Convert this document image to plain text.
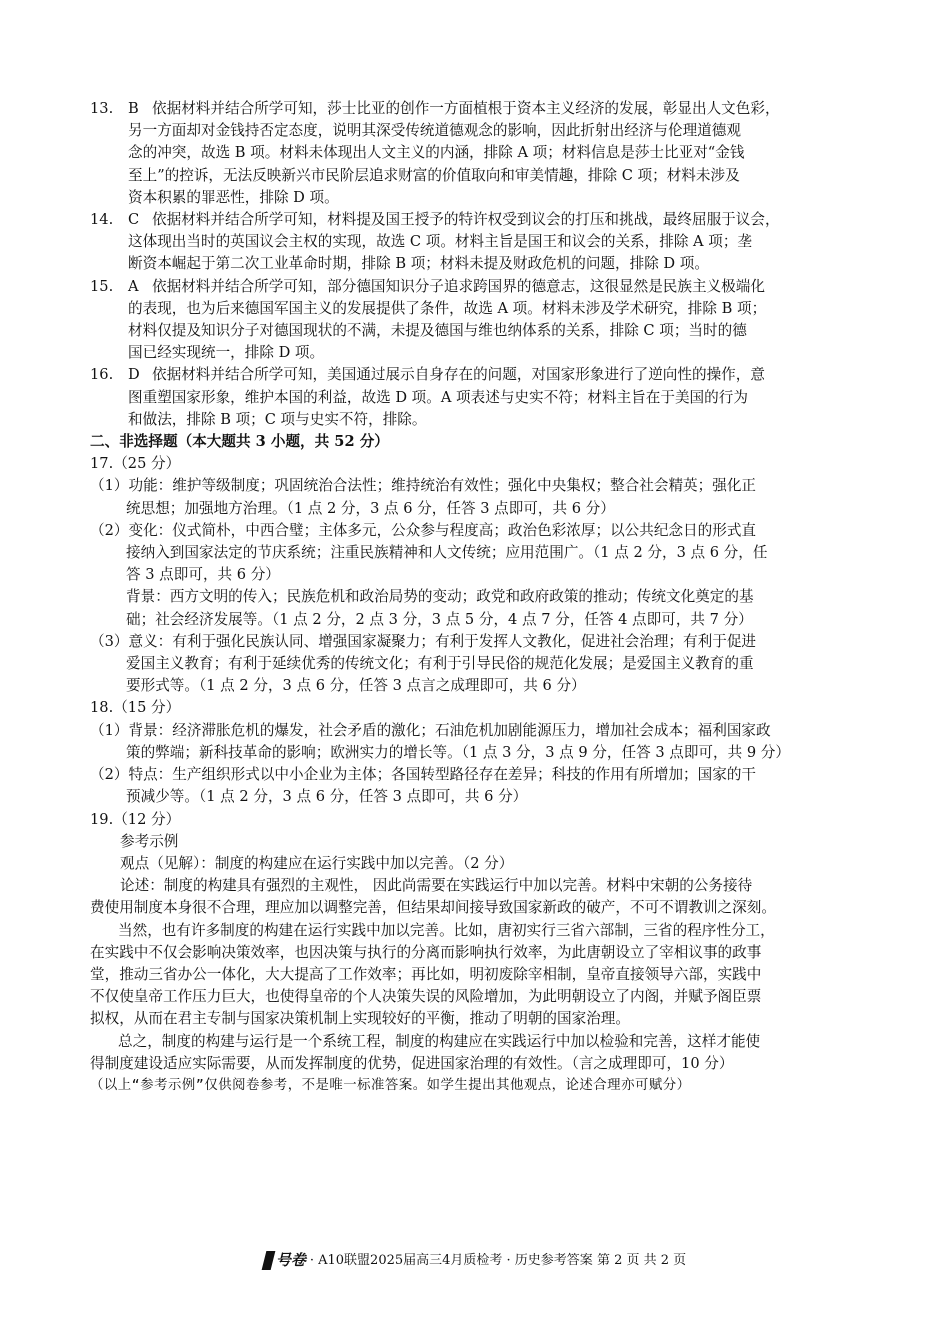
13. B 依据材料并结合所学可知，莎士比亚的创作一方面植根于资本主义经济的发展，彰显出人文色彩，
另一方面却对金钱持否定态度，说明其深受传统道德观念的影响，因此折射出经济与伦理道德观
念的冲突，故选 B 项。材料未体现出人文主义的内涵，排除 A 项；材料信息是莎士比亚对“金钱
至上”的控诉，无法反映新兴市民阶层追求财富的价值取向和审美情趣，排除 C 项；材料未涉及
资本积累的罪恶性，排除 D 项。
14. C 依据材料并结合所学可知，材料提及国王授予的特许权受到议会的打压和挑战，最终屈服于议会，
这体现出当时的英国议会主权的实现，故选 C 项。材料主旨是国王和议会的关系，排除 A 项；垄
断资本崛起于第二次工业革命时期，排除 B 项；材料未提及财政危机的问题，排除 D 项。
15. A 依据材料并结合所学可知，部分德国知识分子追求跨国界的德意志，这很显然是民族主义极端化
的表现，也为后来德国军国主义的发展提供了条件，故选 A 项。材料未涉及学术研究，排除 B 项；
材料仅提及知识分子对德国现状的不满，未提及德国与维也纳体系的关系，排除 C 项；当时的德
国已经实现统一，排除 D 项。
16. D 依据材料并结合所学可知，美国通过展示自身存在的问题，对国家形象进行了逆向性的操作，意
图重塑国家形象，维护本国的利益，故选 D 项。A 项表述与史实不符；材料主旨在于美国的行为
和做法，排除 B 项；C 项与史实不符，排除。
二、非选择题（本大题共 3 小题，共 52 分）
17.（25 分）
（1）功能：维护等级制度；巩固统治合法性；维持统治有效性；强化中央集权；整合社会精英；强化正
统思想；加强地方治理。（1 点 2 分，3 点 6 分，任答 3 点即可，共 6 分）
（2）变化：仪式简朴，中西合璧；主体多元，公众参与程度高；政治色彩浓厚；以公共纪念日的形式直
接纳入到国家法定的节庆系统；注重民族精神和人文传统；应用范围广。（1 点 2 分，3 点 6 分，任
答 3 点即可，共 6 分）
背景：西方文明的传入；民族危机和政治局势的变动；政党和政府政策的推动；传统文化奠定的基
础；社会经济发展等。（1 点 2 分，2 点 3 分，3 点 5 分，4 点 7 分，任答 4 点即可，共 7 分）
（3）意义：有利于强化民族认同、增强国家凝聚力；有利于发挥人文教化，促进社会治理；有利于促进
爱国主义教育；有利于延续优秀的传统文化；有利于引导民俗的规范化发展；是爱国主义教育的重
要形式等。（1 点 2 分，3 点 6 分，任答 3 点言之成理即可，共 6 分）
18.（15 分）
（1）背景：经济滞胀危机的爆发，社会矛盾的激化；石油危机加剧能源压力，增加社会成本；福利国家政
策的弊端；新科技革命的影响；欧洲实力的增长等。（1 点 3 分，3 点 9 分，任答 3 点即可，共 9 分）
（2）特点：生产组织形式以中小企业为主体；各国转型路径存在差异；科技的作用有所增加；国家的干
预减少等。（1 点 2 分，3 点 6 分，任答 3 点即可，共 6 分）
19.（12 分）
参考示例
观点（见解）：制度的构建应在运行实践中加以完善。（2 分）
论述：制度的构建具有强烈的主观性， 因此尚需要在实践运行中加以完善。材料中宋朝的公务接待
费使用制度本身很不合理，理应加以调整完善，但结果却间接导致国家新政的破产，不可不谓教训之深刻。
当然，也有许多制度的构建在运行实践中加以完善。比如，唐初实行三省六部制，三省的程序性分工，
在实践中不仅会影响决策效率，也因决策与执行的分离而影响执行效率，为此唐朝设立了宰相议事的政事
堂，推动三省办公一体化，大大提高了工作效率；再比如，明初废除宰相制，皇帝直接领导六部，实践中
不仅使皇帝工作压力巨大，也使得皇帝的个人决策失误的风险增加，为此明朝设立了内阁，并赋予阁臣票
拟权，从而在君主专制与国家决策机制上实现较好的平衡，推动了明朝的国家治理。
总之，制度的构建与运行是一个系统工程，制度的构建应在实践运行中加以检验和完善，这样才能使
得制度建设适应实际需要，从而发挥制度的优势，促进国家治理的有效性。（言之成理即可，10 分）
（以上“参考示例”仅供阅卷参考，不是唯一标准答案。如学生提出其他观点，论述合理亦可赋分）
号卷 · A10联盟2025届高三4月质检考 · 历史参考答案 第 2 页 共 2 页
